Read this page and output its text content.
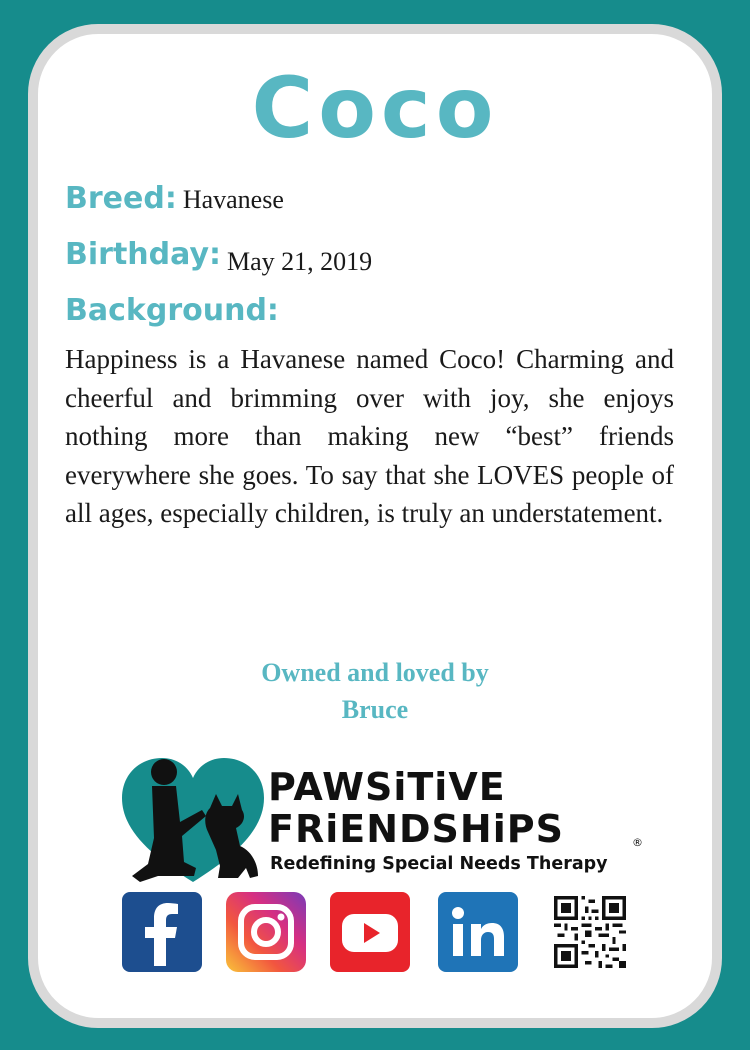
Coco
Breed: Havanese
Birthday: May 21, 2019
Background:

Happiness is a Havanese named Coco! Charming and cheerful and brimming over with joy, she enjoys nothing more than making new “best” friends everywhere she goes. To say that she LOVES people of all ages, especially children, is truly an understatement.

Owned and loved by
Bruce
PAWSiTiVE
FRiENDSHiPS	®
Redefining Special Needs Therapy
